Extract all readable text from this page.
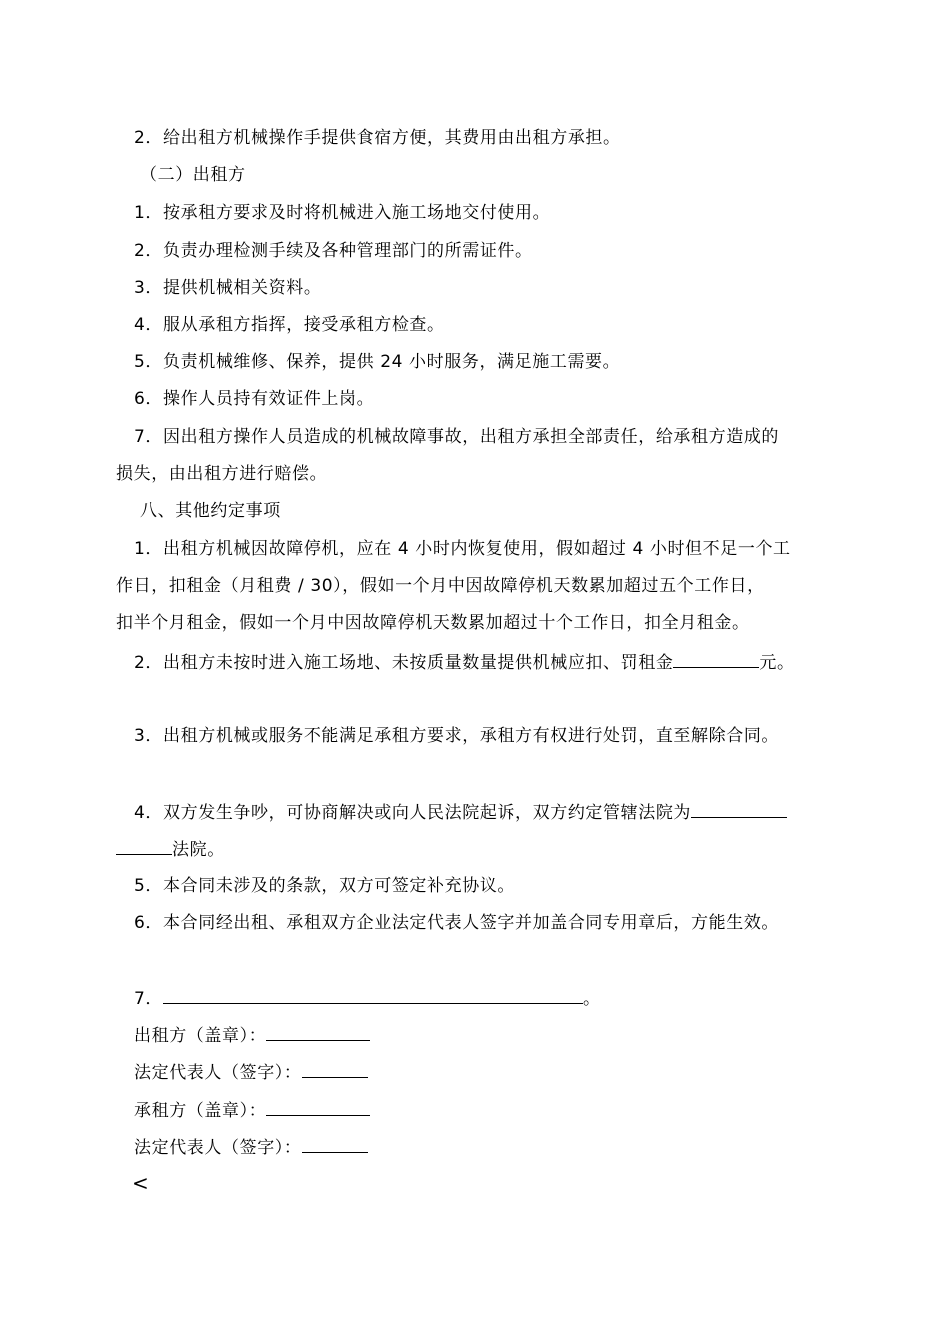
2．给出租方机械操作手提供食宿方便，其费用由出租方承担。
（二）出租方
1．按承租方要求及时将机械进入施工场地交付使用。
2．负责办理检测手续及各种管理部门的所需证件。
3．提供机械相关资料。
4．服从承租方指挥，接受承租方检查。
5．负责机械维修、保养，提供 24 小时服务，满足施工需要。
6．操作人员持有效证件上岗。
7．因出租方操作人员造成的机械故障事故，出租方承担全部责任，给承租方造成的
损失，由出租方进行赔偿。
八、其他约定事项
1．出租方机械因故障停机，应在 4 小时内恢复使用，假如超过 4 小时但不足一个工
作日，扣租金（月租费 / 30），假如一个月中因故障停机天数累加超过五个工作日，
扣半个月租金，假如一个月中因故障停机天数累加超过十个工作日，扣全月租金。
2．出租方未按时进入施工场地、未按质量数量提供机械应扣、罚租金	元。
3．出租方机械或服务不能满足承租方要求，承租方有权进行处罚，直至解除合同。
4．双方发生争吵，可协商解决或向人民法院起诉，双方约定管辖法院为
法院。
5．本合同未涉及的条款，双方可签定补充协议。
6．本合同经出租、承租双方企业法定代表人签字并加盖合同专用章后，方能生效。
7．	。
出租方（盖章）：
法定代表人（签字）：
承租方（盖章）：
法定代表人（签字）：
<
